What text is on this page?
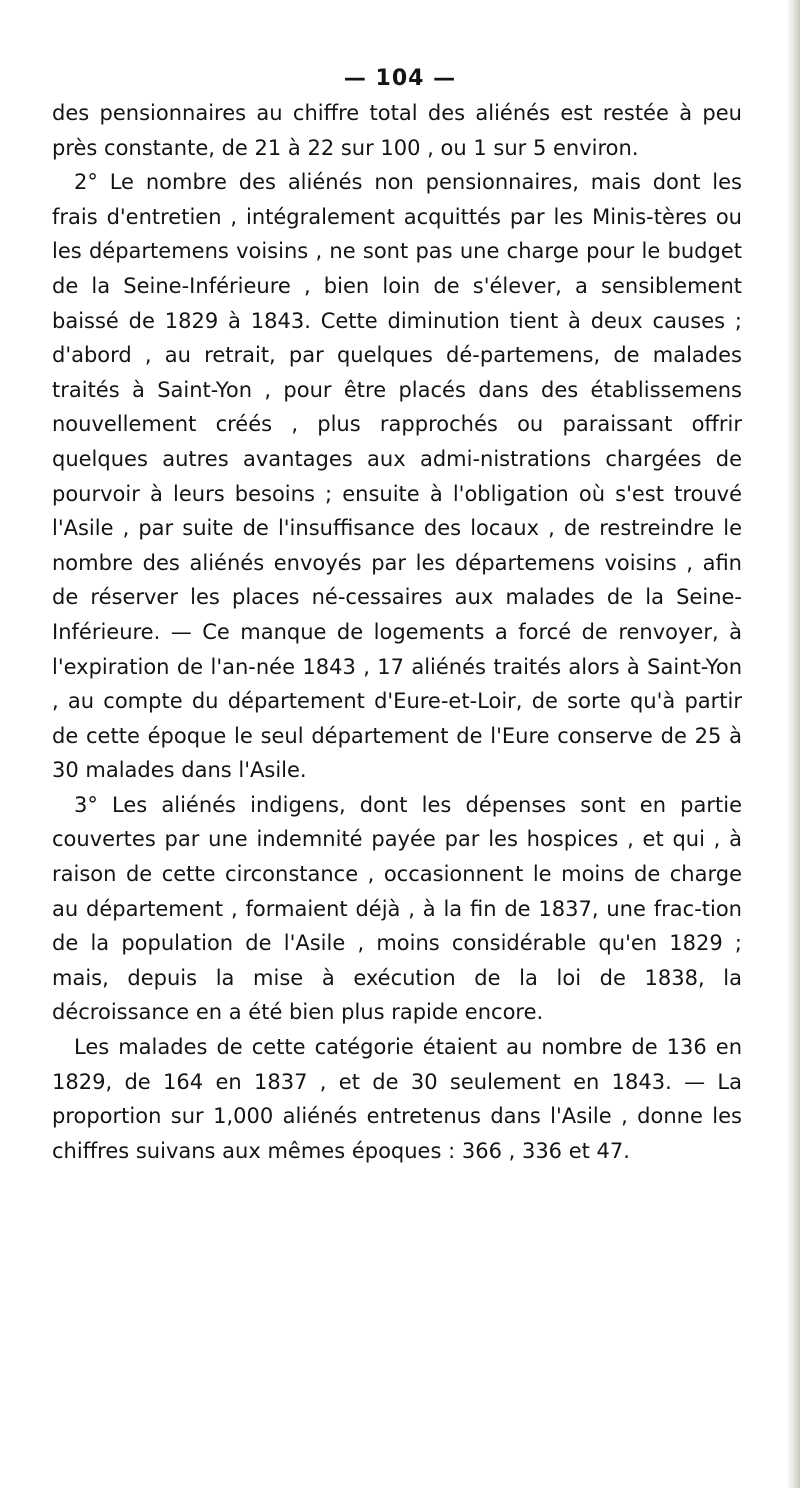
— 104 —

des pensionnaires au chiffre total des aliénés est restée à peu près constante, de 21 à 22 sur 100 , ou 1 sur 5 environ.

2° Le nombre des aliénés non pensionnaires, mais dont les frais d'entretien , intégralement acquittés par les Minis-tères ou les départemens voisins , ne sont pas une charge pour le budget de la Seine-Inférieure , bien loin de s'élever, a sensiblement baissé de 1829 à 1843. Cette diminution tient à deux causes ; d'abord , au retrait, par quelques dé-partemens, de malades traités à Saint-Yon , pour être placés dans des établissemens nouvellement créés , plus rapprochés ou paraissant offrir quelques autres avantages aux admi-nistrations chargées de pourvoir à leurs besoins ; ensuite à l'obligation où s'est trouvé l'Asile , par suite de l'insuffisance des locaux , de restreindre le nombre des aliénés envoyés par les départemens voisins , afin de réserver les places né-cessaires aux malades de la Seine-Inférieure. — Ce manque de logements a forcé de renvoyer, à l'expiration de l'an-née 1843 , 17 aliénés traités alors à Saint-Yon , au compte du département d'Eure-et-Loir, de sorte qu'à partir de cette époque le seul département de l'Eure conserve de 25 à 30 malades dans l'Asile.

3° Les aliénés indigens, dont les dépenses sont en partie couvertes par une indemnité payée par les hospices , et qui , à raison de cette circonstance , occasionnent le moins de charge au département , formaient déjà , à la fin de 1837, une frac-tion de la population de l'Asile , moins considérable qu'en 1829 ; mais, depuis la mise à exécution de la loi de 1838, la décroissance en a été bien plus rapide encore.

Les malades de cette catégorie étaient au nombre de 136 en 1829, de 164 en 1837 , et de 30 seulement en 1843. — La proportion sur 1,000 aliénés entretenus dans l'Asile , donne les chiffres suivans aux mêmes époques : 366 , 336 et 47.
